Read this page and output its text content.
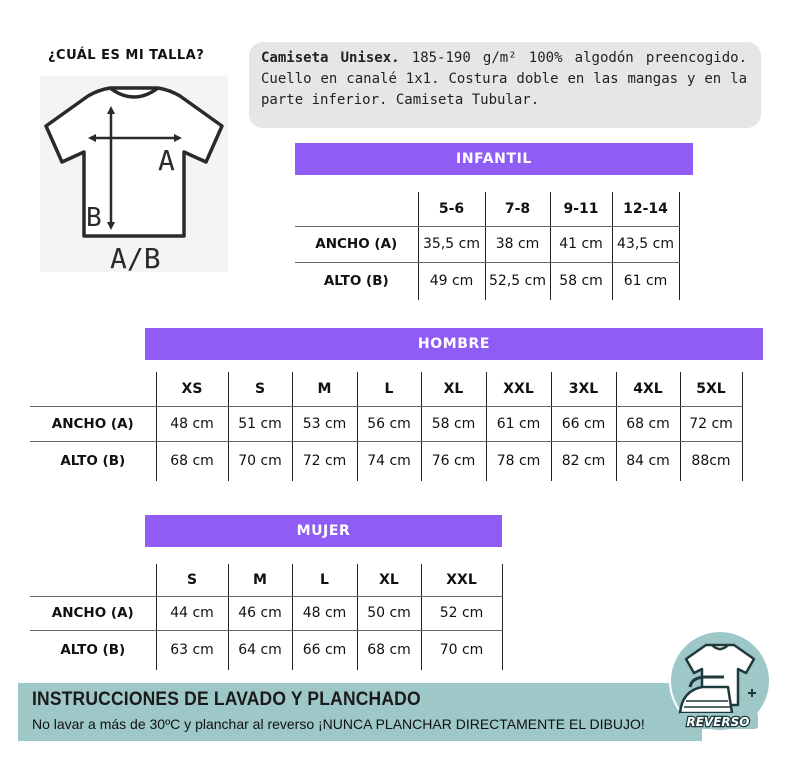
¿CUÁL ES MI TALLA?
A
B
A/B
Camiseta Unisex. 185-190 g/m² 100% algodón preencogido. Cuello en canalé 1x1. Costura doble en las mangas y en la parte inferior. Camiseta Tubular.
INFANTIL
	5-6	7-8	9-11	12-14
ANCHO (A)	35,5 cm	38 cm	41 cm	43,5 cm
ALTO (B)	49 cm	52,5 cm	58 cm	61 cm
HOMBRE
	XS	S	M	L	XL	XXL	3XL	4XL	5XL
ANCHO (A)	48 cm	51 cm	53 cm	56 cm	58 cm	61 cm	66 cm	68 cm	72 cm
ALTO (B)	68 cm	70 cm	72 cm	74 cm	76 cm	78 cm	82 cm	84 cm	88cm
MUJER
	S	M	L	XL	XXL
ANCHO (A)	44 cm	46 cm	48 cm	50 cm	52 cm
ALTO (B)	63 cm	64 cm	66 cm	68 cm	70 cm
INSTRUCCIONES DE LAVADO Y PLANCHADO
No lavar a más de 30ºC y planchar al reverso ¡NUNCA PLANCHAR DIRECTAMENTE EL DIBUJO!	REVERSO
